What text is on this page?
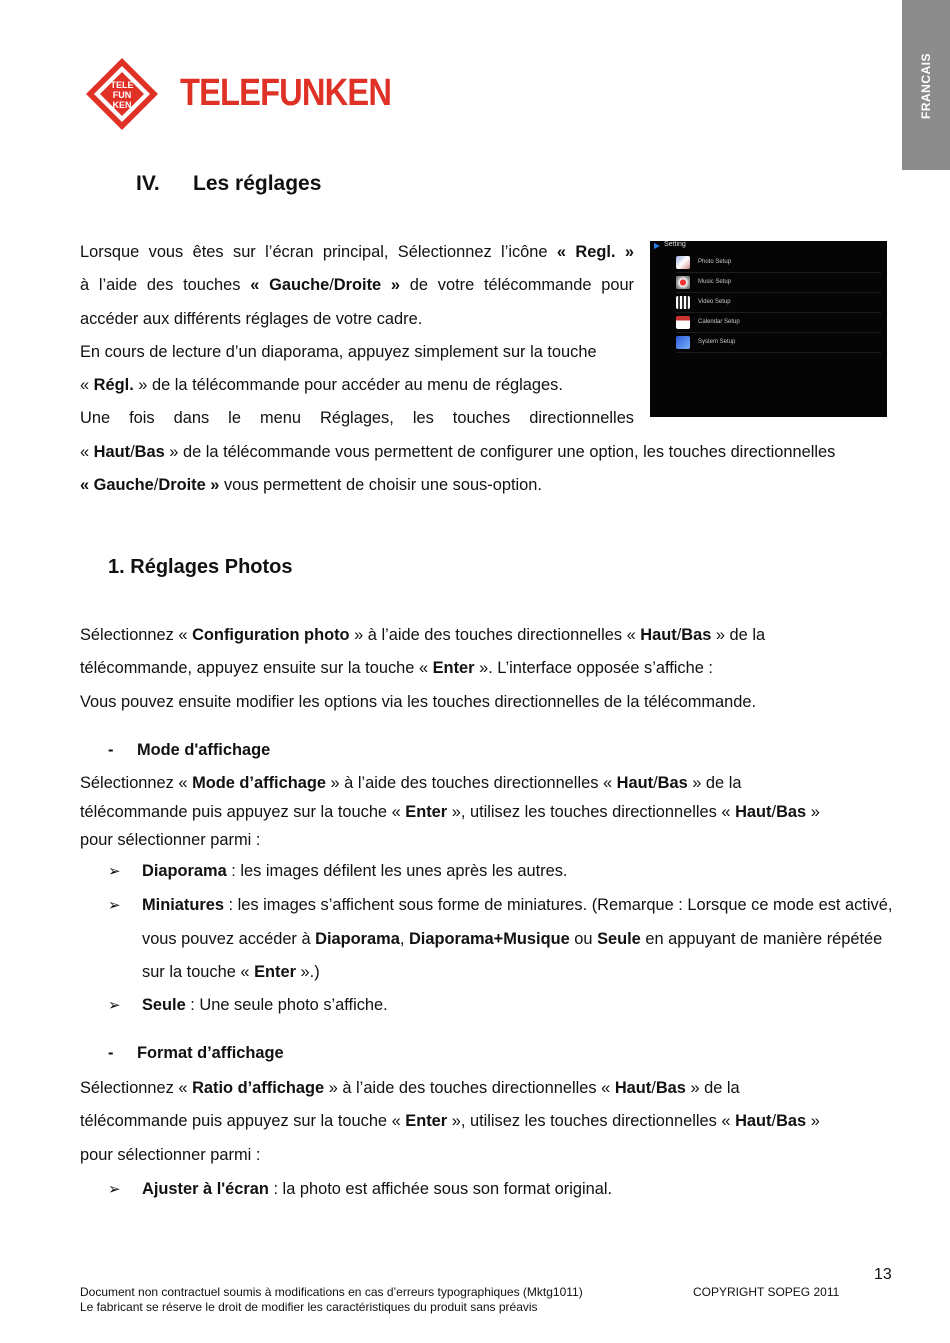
FRANCAIS
TELE
FUN
KEN TELEFUNKEN
IV. Les réglages
Lorsque vous êtes sur l’écran principal, Sélectionnez l’icône « Regl. »
à l’aide des touches « Gauche/Droite » de votre télécommande pour
accéder aux différents réglages de votre cadre.
En cours de lecture d’un diaporama, appuyez simplement sur la touche
« Régl. » de la télécommande pour accéder au menu de réglages.
Une fois dans le menu Réglages, les touches directionnelles
« Haut/Bas » de la télécommande vous permettent de configurer une option, les touches directionnelles
« Gauche/Droite » vous permettent de choisir une sous-option.
Setting
Photo Setup
Music Setup
Video Setup
Calendar Setup
System Setup
1. Réglages Photos
Sélectionnez « Configuration photo » à l’aide des touches directionnelles « Haut/Bas » de la
télécommande, appuyez ensuite sur la touche « Enter ». L’interface opposée s’affiche :
Vous pouvez ensuite modifier les options via les touches directionnelles de la télécommande.
- Mode d'affichage
Sélectionnez « Mode d’affichage » à l’aide des touches directionnelles « Haut/Bas » de la
télécommande puis appuyez sur la touche « Enter », utilisez les touches directionnelles « Haut/Bas »
pour sélectionner parmi :
➢ Diaporama : les images défilent les unes après les autres.
➢ Miniatures : les images s’affichent sous forme de miniatures. (Remarque : Lorsque ce mode est activé, vous pouvez accéder à Diaporama, Diaporama+Musique ou Seule en appuyant de manière répétée sur la touche « Enter ».)
➢ Seule : Une seule photo s’affiche.
- Format d’affichage
Sélectionnez « Ratio d’affichage » à l’aide des touches directionnelles « Haut/Bas » de la
télécommande puis appuyez sur la touche « Enter », utilisez les touches directionnelles « Haut/Bas »
pour sélectionner parmi :
➢ Ajuster à l'écran : la photo est affichée sous son format original.
13
Document non contractuel soumis à modifications en cas d’erreurs typographiques (Mktg1011)
Le fabricant se réserve le droit de modifier les caractéristiques du produit sans préavis
COPYRIGHT SOPEG 2011
